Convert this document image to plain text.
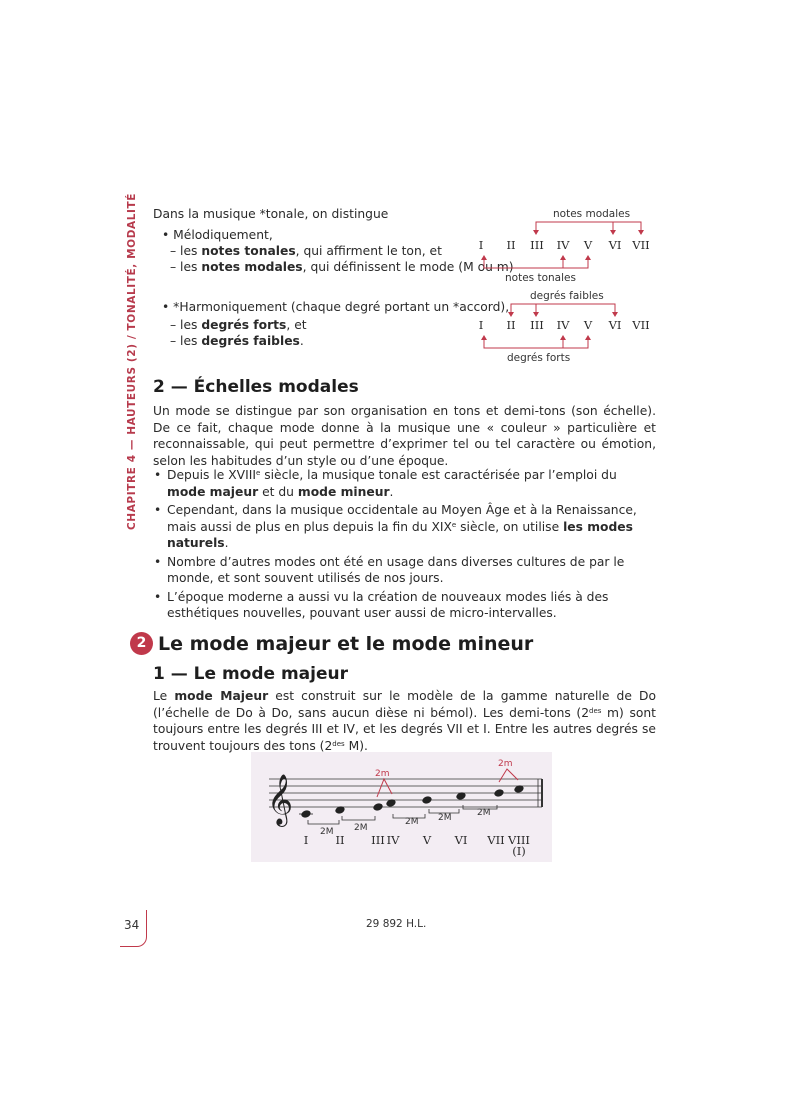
CHAPITRE 4 — HAUTEURS (2) / TONALITÉ, MODALITÉ	Dans la musique *tonale, on distingue
• Mélodiquement,
– les notes tonales, qui affirment le ton, et
– les notes modales, qui définissent le mode (M ou m)
• *Harmoniquement (chaque degré portant un *accord),
– les degrés forts, et
– les degrés faibles.
notes modales
I II III IV V VI VII
notes tonales
degrés faibles
I II III IV V VI VII
degrés forts
2 — Échelles modales
Un mode se distingue par son organisation en tons et demi-tons (son échelle). De ce fait, chaque mode donne à la musique une « couleur » particulière et reconnaissable, qui peut permettre d’exprimer tel ou tel caractère ou émotion, selon les habitudes d’un style ou d’une époque.
• Depuis le XVIIIe siècle, la musique tonale est caractérisée par l’emploi du mode majeur et du mode mineur.
• Cependant, dans la musique occidentale au Moyen Âge et à la Renaissance, mais aussi de plus en plus depuis la fin du XIXe siècle, on utilise les modes naturels.
• Nombre d’autres modes ont été en usage dans diverses cultures de par le monde, et sont souvent utilisés de nos jours.
• L’époque moderne a aussi vu la création de nouveaux modes liés à des esthétiques nouvelles, pouvant user aussi de micro-intervalles.
2 Le mode majeur et le mode mineur
1 — Le mode majeur
Le mode Majeur est construit sur le modèle de la gamme naturelle de Do (l’échelle de Do à Do, sans aucun dièse ni bémol). Les demi-tons ($2^{des}$ m) sont toujours entre les degrés III et IV, et les degrés VII et I. Entre les autres degrés se trouvent toujours des tons ($2^{des}$ M).
𝄞	2m
2m
2M 2M
2M 2M	2M
I II III IV V VI VII VIII
(I)
34	29 892 H.L.
